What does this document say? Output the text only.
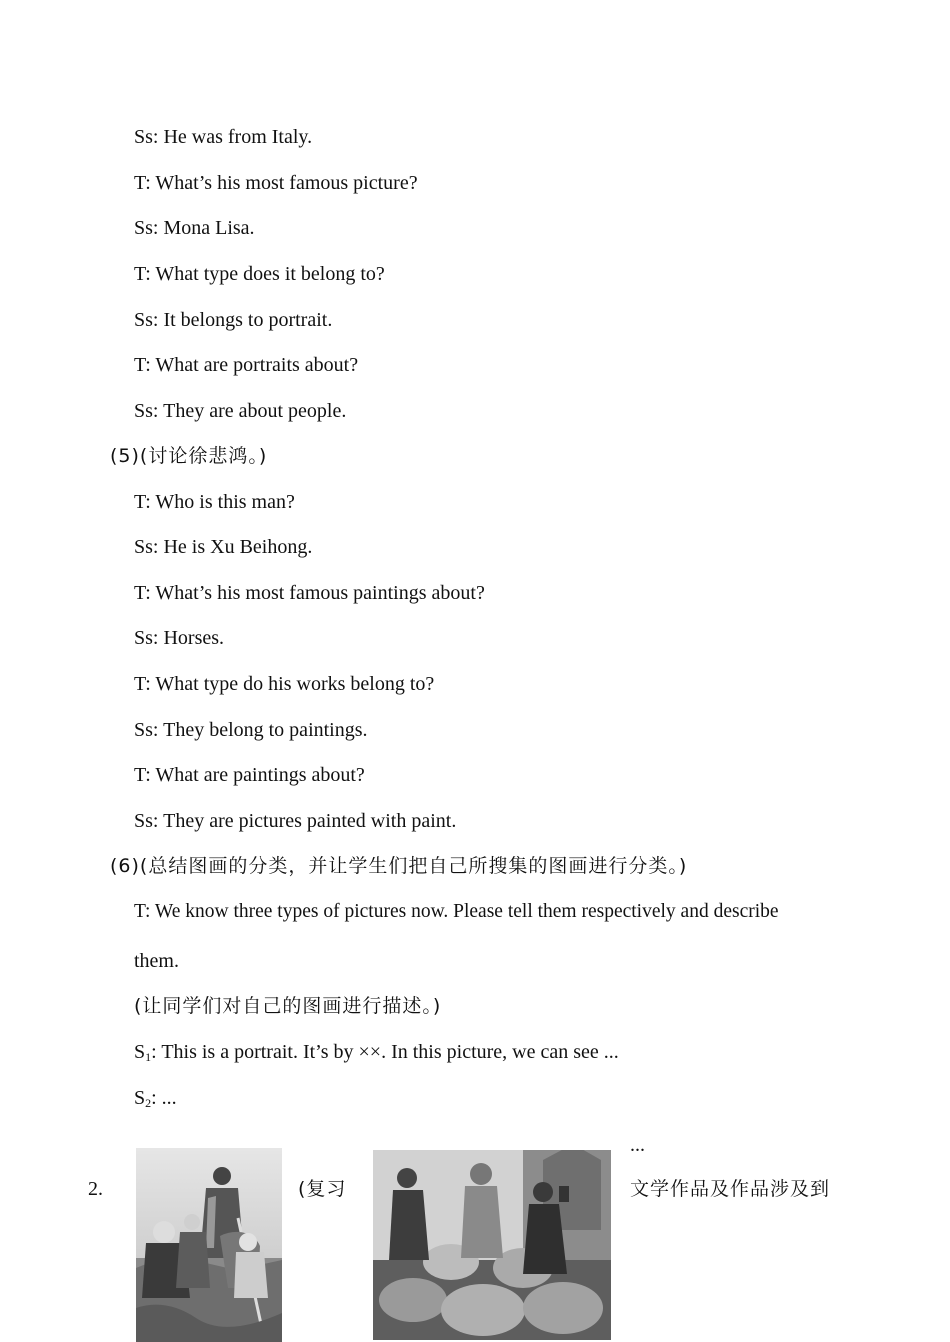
Ss: He was from Italy.
T: What’s his most famous picture?
Ss: Mona Lisa.
T: What type does it belong to?
Ss: It belongs to portrait.
T: What are portraits about?
Ss: They are about people.
(5)(讨论徐悲鸿。)
T: Who is this man?
Ss: He is Xu Beihong.
T: What’s his most famous paintings about?
Ss: Horses.
T: What type do his works belong to?
Ss: They belong to paintings.
T: What are paintings about?
Ss: They are pictures painted with paint.
(6)(总结图画的分类，并让学生们把自己所搜集的图画进行分类。)
T: We know three types of pictures now. Please tell them respectively and describe
them.
(让同学们对自己的图画进行描述。)
$S_1$: This is a portrait. It’s by ××. In this picture, we can see ...
$S_2$: ...
...
2.	(复习	文学作品及作品涉及到
